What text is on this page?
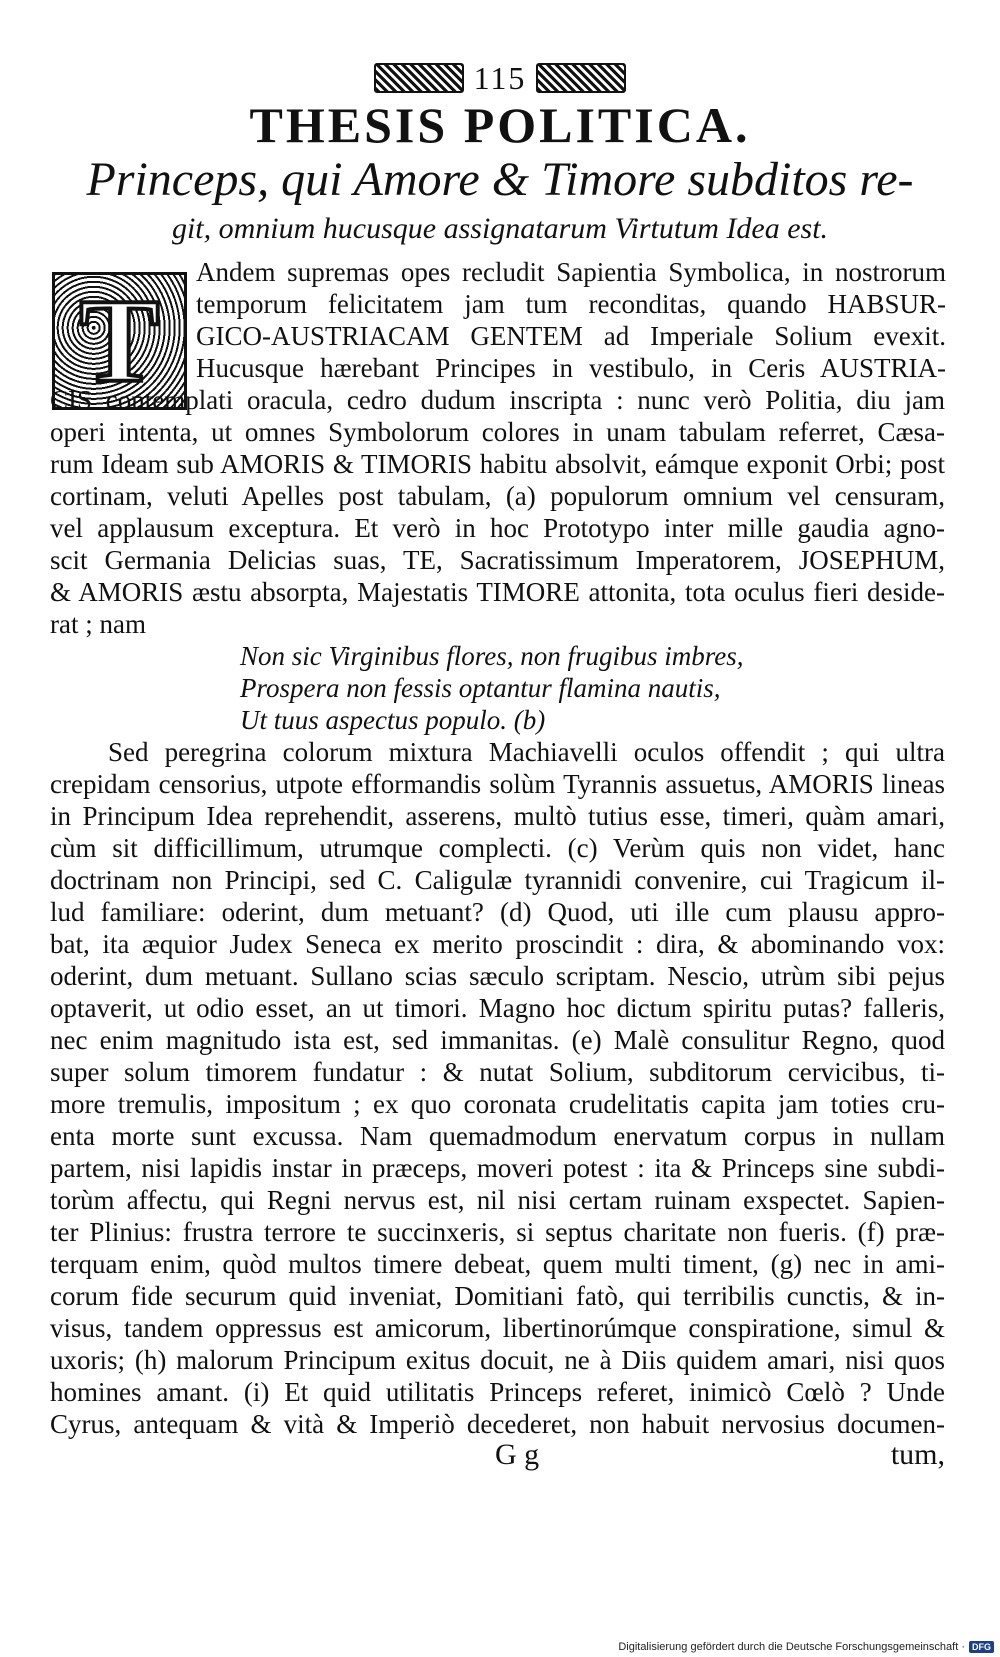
115
THESIS POLITICA.
Princeps, qui Amore & Timore subditos re-
git, omnium hucusque assignatarum Virtutum Idea est.
T
Andem supremas opes recludit Sapientia Symbolica, in nostrorum
temporum felicitatem jam tum reconditas, quando HABSUR-
GICO-AUSTRIACAM GENTEM ad Imperiale Solium evexit.
Hucusque hærebant Principes in vestibulo, in Ceris AUSTRIA-
CIS contemplati oracula, cedro dudum inscripta : nunc verò Politia, diu jam
operi intenta, ut omnes Symbolorum colores in unam tabulam referret, Cæsa-
rum Ideam sub AMORIS & TIMORIS habitu absolvit, eámque exponit Orbi; post
cortinam, veluti Apelles post tabulam, (a) populorum omnium vel censuram,
vel applausum exceptura. Et verò in hoc Prototypo inter mille gaudia agno-
scit Germania Delicias suas, TE, Sacratissimum Imperatorem, JOSEPHUM,
& AMORIS æstu absorpta, Majestatis TIMORE attonita, tota oculus fieri deside-
rat ; nam
Non sic Virginibus flores, non frugibus imbres,
Prospera non fessis optantur flamina nautis,
Ut tuus aspectus populo. (b)
Sed peregrina colorum mixtura Machiavelli oculos offendit ; qui ultra
crepidam censorius, utpote efformandis solùm Tyrannis assuetus, AMORIS lineas
in Principum Idea reprehendit, asserens, multò tutius esse, timeri, quàm amari,
cùm sit difficillimum, utrumque complecti. (c) Verùm quis non videt, hanc
doctrinam non Principi, sed C. Caligulæ tyrannidi convenire, cui Tragicum il-
lud familiare: oderint, dum metuant? (d) Quod, uti ille cum plausu appro-
bat, ita æquior Judex Seneca ex merito proscindit : dira, & abominando vox:
oderint, dum metuant. Sullano scias sæculo scriptam. Nescio, utrùm sibi pejus
optaverit, ut odio esset, an ut timori. Magno hoc dictum spiritu putas? falleris,
nec enim magnitudo ista est, sed immanitas. (e) Malè consulitur Regno, quod
super solum timorem fundatur : & nutat Solium, subditorum cervicibus, ti-
more tremulis, impositum ; ex quo coronata crudelitatis capita jam toties cru-
enta morte sunt excussa. Nam quemadmodum enervatum corpus in nullam
partem, nisi lapidis instar in præceps, moveri potest : ita & Princeps sine subdi-
torùm affectu, qui Regni nervus est, nil nisi certam ruinam exspectet. Sapien-
ter Plinius: frustra terrore te succinxeris, si septus charitate non fueris. (f) præ-
terquam enim, quòd multos timere debeat, quem multi timent, (g) nec in ami-
corum fide securum quid inveniat, Domitiani fatò, qui terribilis cunctis, & in-
visus, tandem oppressus est amicorum, libertinorúmque conspiratione, simul &
uxoris; (h) malorum Principum exitus docuit, ne à Diis quidem amari, nisi quos
homines amant. (i) Et quid utilitatis Princeps referet, inimicò Cœlò ? Unde
Cyrus, antequam & vità & Imperiò decederet, non habuit nervosius documen-
G g	tum,
Digitalisierung gefördert durch die Deutsche Forschungsgemeinschaft · DFG
